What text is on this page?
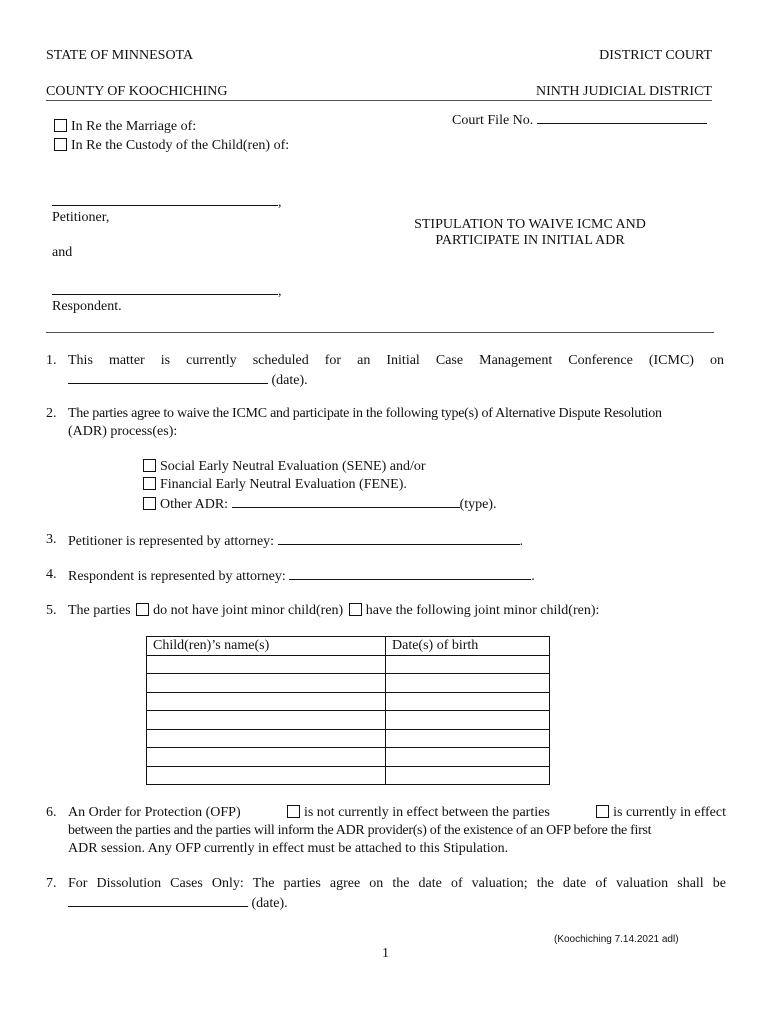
STATE OF MINNESOTA	DISTRICT COURT
COUNTY OF KOOCHICHING	NINTH JUDICIAL DISTRICT
Court File No.
In Re the Marriage of:
In Re the Custody of the Child(ren) of:
,
Petitioner,
and
,
Respondent.
STIPULATION TO WAIVE ICMC AND
PARTICIPATE IN INITIAL ADR
1. This matter is currently scheduled for an Initial Case Management Conference (ICMC) on
(date).
2. The parties agree to waive the ICMC and participate in the following type(s) of Alternative Dispute Resolution
(ADR) process(es):
Social Early Neutral Evaluation (SENE) and/or
Financial Early Neutral Evaluation (FENE).
Other ADR:	(type).
3. Petitioner is represented by attorney:	.
4. Respondent is represented by attorney:	.
5. The parties do not have joint minor child(ren) have the following joint minor child(ren):
Child(ren)’s name(s)	Date(s) of birth

6. An Order for Protection (OFP)	is not currently in effect between the parties	is currently in effect
between the parties and the parties will inform the ADR provider(s) of the existence of an OFP before the first
ADR session. Any OFP currently in effect must be attached to this Stipulation.
7. For Dissolution Cases Only: The parties agree on the date of valuation; the date of valuation shall be
(date).
(Koochiching 7.14.2021 adl)
1
